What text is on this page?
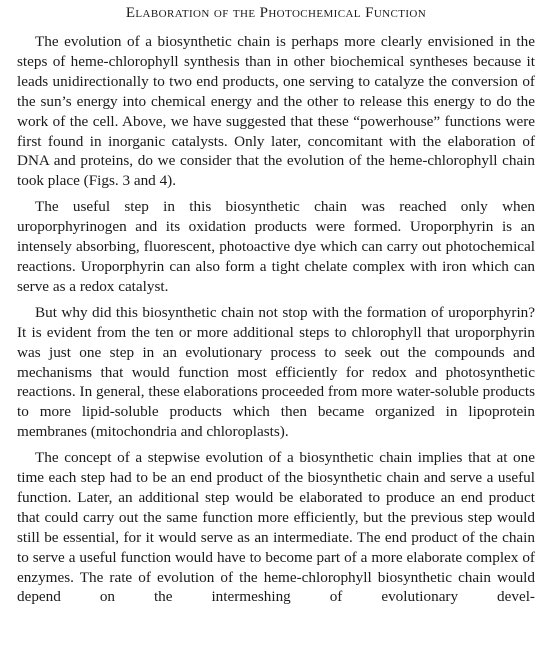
Elaboration of the Photochemical Function

The evolution of a biosynthetic chain is perhaps more clearly envisioned in the steps of heme-chlorophyll synthesis than in other biochemical syntheses because it leads unidirectionally to two end products, one serving to catalyze the conversion of the sun’s energy into chemical energy and the other to release this energy to do the work of the cell. Above, we have suggested that these “powerhouse” functions were first found in inorganic catalysts. Only later, concomitant with the elaboration of DNA and proteins, do we consider that the evolution of the heme-chlorophyll chain took place (Figs. 3 and 4).

The useful step in this biosynthetic chain was reached only when uroporphyrinogen and its oxidation products were formed. Uroporphyrin is an intensely absorbing, fluorescent, photoactive dye which can carry out photochemical reactions. Uroporphyrin can also form a tight chelate complex with iron which can serve as a redox catalyst.

But why did this biosynthetic chain not stop with the formation of uroporphyrin? It is evident from the ten or more additional steps to chlorophyll that uroporphyrin was just one step in an evolutionary process to seek out the compounds and mechanisms that would function most efficiently for redox and photosynthetic reactions. In general, these elaborations proceeded from more water-soluble products to more lipid-soluble products which then became organized in lipoprotein membranes (mitochondria and chloroplasts).

The concept of a stepwise evolution of a biosynthetic chain implies that at one time each step had to be an end product of the biosynthetic chain and serve a useful function. Later, an additional step would be elaborated to produce an end product that could carry out the same function more efficiently, but the previous step would still be essential, for it would serve as an intermediate. The end product of the chain to serve a useful function would have to become part of a more elaborate complex of enzymes. The rate of evolution of the heme-chlorophyll biosynthetic chain would depend on the intermeshing of evolutionary devel-
